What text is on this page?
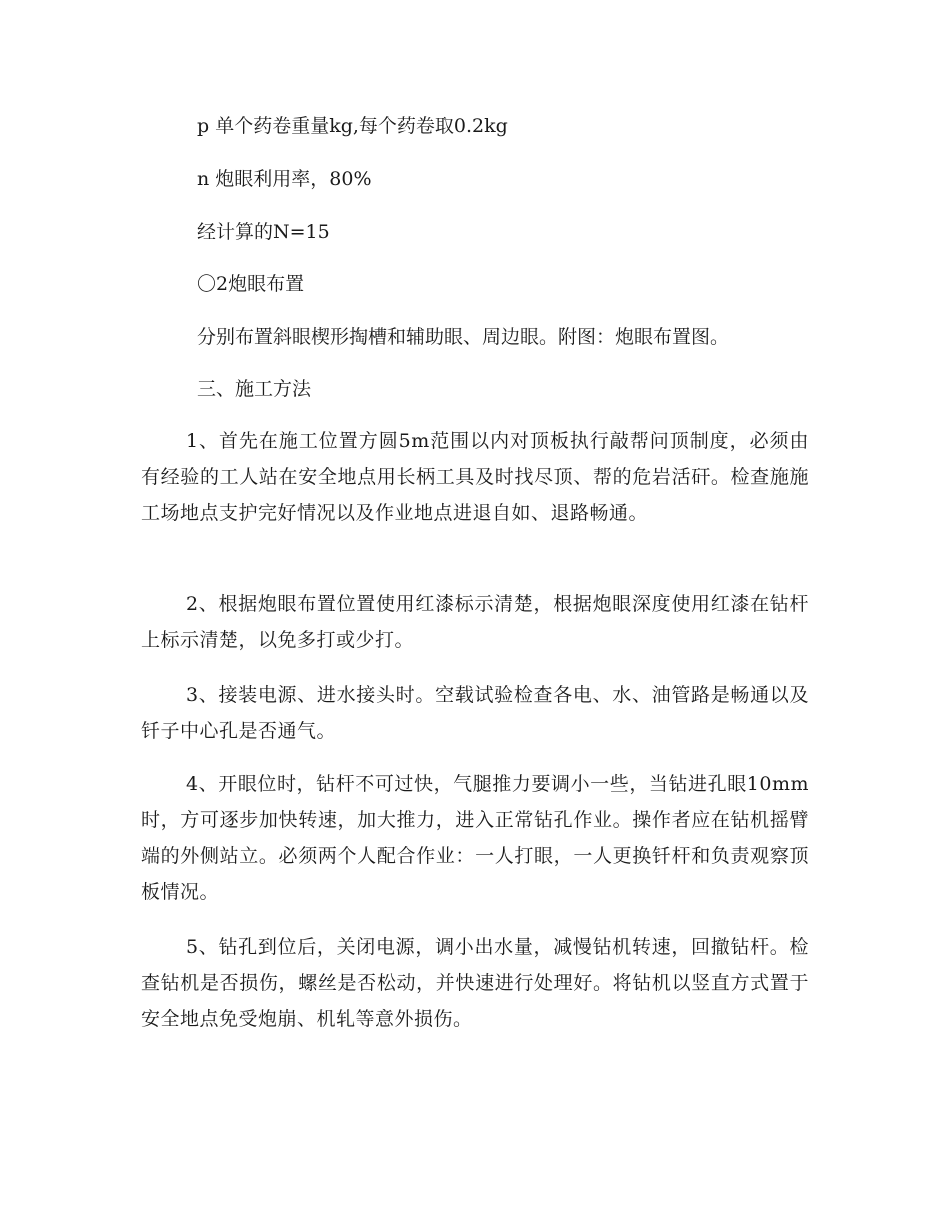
p 单个药卷重量kg,每个药卷取0.2kg
n 炮眼利用率，80%
经计算的N=15
〇2炮眼布置
分别布置斜眼楔形掏槽和辅助眼、周边眼。附图：炮眼布置图。
三、施工方法
1、首先在施工位置方圆5m范围以内对顶板执行敲帮问顶制度，必须由有经验的工人站在安全地点用长柄工具及时找尽顶、帮的危岩活矸。检查施施工场地点支护完好情况以及作业地点进退自如、退路畅通。
2、根据炮眼布置位置使用红漆标示清楚，根据炮眼深度使用红漆在钻杆上标示清楚，以免多打或少打。
3、接装电源、进水接头时。空载试验检查各电、水、油管路是畅通以及钎子中心孔是否通气。
4、开眼位时，钻杆不可过快，气腿推力要调小一些，当钻进孔眼10mm时，方可逐步加快转速，加大推力，进入正常钻孔作业。操作者应在钻机摇臂端的外侧站立。必须两个人配合作业：一人打眼，一人更换钎杆和负责观察顶板情况。
5、钻孔到位后，关闭电源，调小出水量，减慢钻机转速，回撤钻杆。检查钻机是否损伤，螺丝是否松动，并快速进行处理好。将钻机以竖直方式置于安全地点免受炮崩、机轧等意外损伤。
